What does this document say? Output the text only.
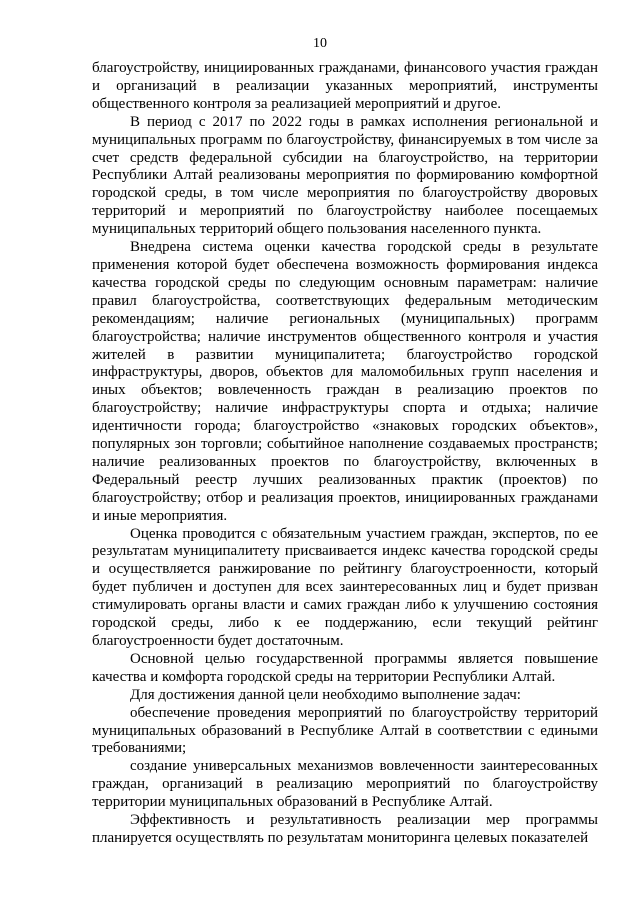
10

благоустройству, инициированных гражданами, финансового участия граждан и организаций в реализации указанных мероприятий, инструменты общественного контроля за реализацией мероприятий и другое.

В период с 2017 по 2022 годы в рамках исполнения региональной и муниципальных программ по благоустройству, финансируемых в том числе за счет средств федеральной субсидии на благоустройство, на территории Республики Алтай реализованы мероприятия по формированию комфортной городской среды, в том числе мероприятия по благоустройству дворовых территорий и мероприятий по благоустройству наиболее посещаемых муниципальных территорий общего пользования населенного пункта.

Внедрена система оценки качества городской среды в результате применения которой будет обеспечена возможность формирования индекса качества городской среды по следующим основным параметрам: наличие правил благоустройства, соответствующих федеральным методическим рекомендациям; наличие региональных (муниципальных) программ благоустройства; наличие инструментов общественного контроля и участия жителей в развитии муниципалитета; благоустройство городской инфраструктуры, дворов, объектов для маломобильных групп населения и иных объектов; вовлеченность граждан в реализацию проектов по благоустройству; наличие инфраструктуры спорта и отдыха; наличие идентичности города; благоустройство «знаковых городских объектов», популярных зон торговли; событийное наполнение создаваемых пространств; наличие реализованных проектов по благоустройству, включенных в Федеральный реестр лучших реализованных практик (проектов) по благоустройству; отбор и реализация проектов, инициированных гражданами и иные мероприятия.

Оценка проводится с обязательным участием граждан, экспертов, по ее результатам муниципалитету присваивается индекс качества городской среды и осуществляется ранжирование по рейтингу благоустроенности, который будет публичен и доступен для всех заинтересованных лиц и будет призван стимулировать органы власти и самих граждан либо к улучшению состояния городской среды, либо к ее поддержанию, если текущий рейтинг благоустроенности будет достаточным.

Основной целью государственной программы является повышение качества и комфорта городской среды на территории Республики Алтай.

Для достижения данной цели необходимо выполнение задач:

обеспечение проведения мероприятий по благоустройству территорий муниципальных образований в Республике Алтай в соответствии с едиными требованиями;

создание универсальных механизмов вовлеченности заинтересованных граждан, организаций в реализацию мероприятий по благоустройству территории муниципальных образований в Республике Алтай.

Эффективность и результативность реализации мер программы планируется осуществлять по результатам мониторинга целевых показателей
